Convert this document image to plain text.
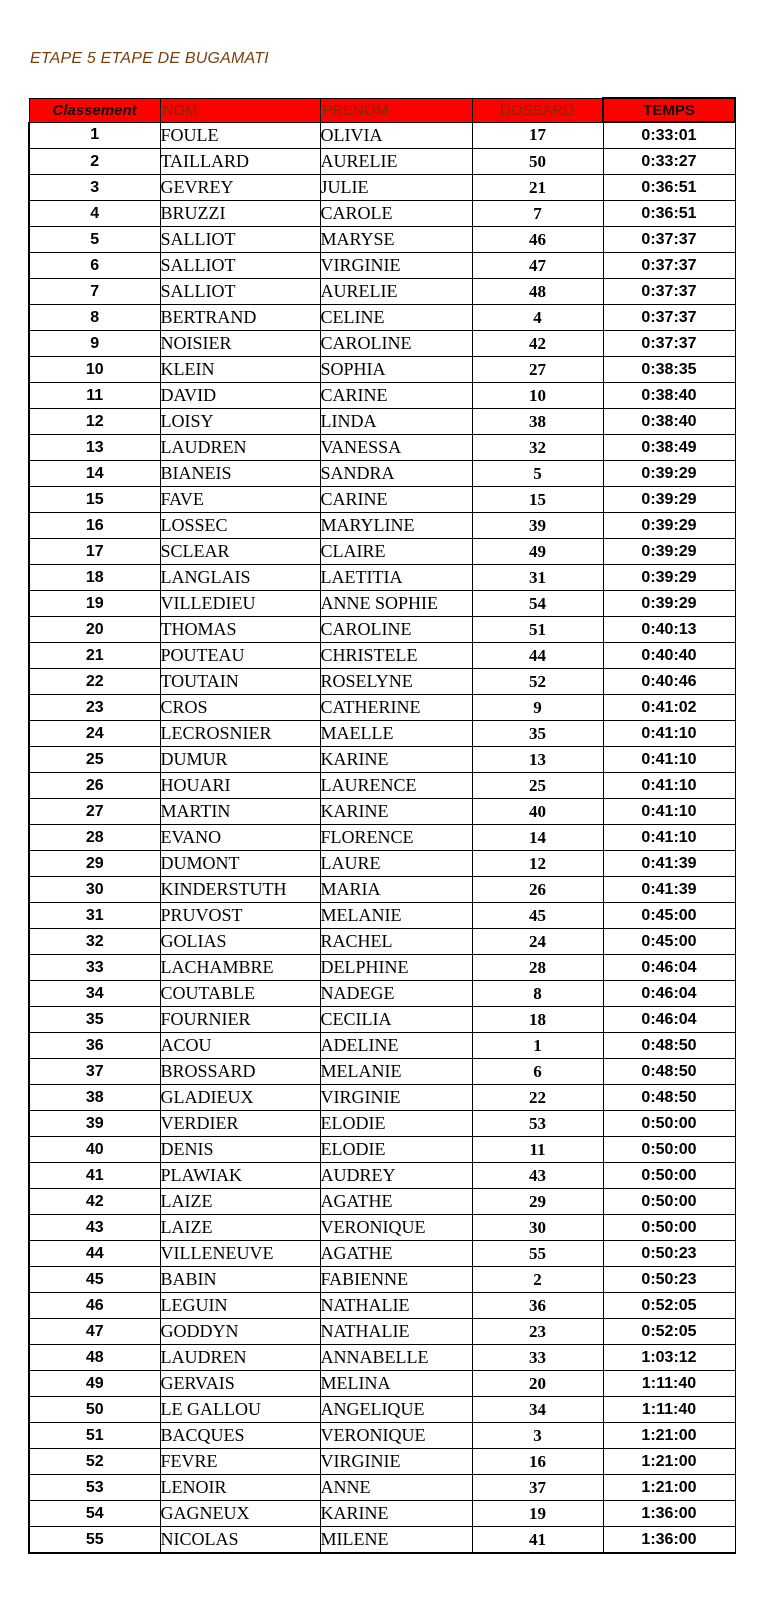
ETAPE 5 ETAPE DE BUGAMATI
Classement	NOM	PRENOM	DOSSARD	TEMPS
1	FOULE	OLIVIA	17	0:33:01
2	TAILLARD	AURELIE	50	0:33:27
3	GEVREY	JULIE	21	0:36:51
4	BRUZZI	CAROLE	7	0:36:51
5	SALLIOT	MARYSE	46	0:37:37
6	SALLIOT	VIRGINIE	47	0:37:37
7	SALLIOT	AURELIE	48	0:37:37
8	BERTRAND	CELINE	4	0:37:37
9	NOISIER	CAROLINE	42	0:37:37
10	KLEIN	SOPHIA	27	0:38:35
11	DAVID	CARINE	10	0:38:40
12	LOISY	LINDA	38	0:38:40
13	LAUDREN	VANESSA	32	0:38:49
14	BIANEIS	SANDRA	5	0:39:29
15	FAVE	CARINE	15	0:39:29
16	LOSSEC	MARYLINE	39	0:39:29
17	SCLEAR	CLAIRE	49	0:39:29
18	LANGLAIS	LAETITIA	31	0:39:29
19	VILLEDIEU	ANNE SOPHIE	54	0:39:29
20	THOMAS	CAROLINE	51	0:40:13
21	POUTEAU	CHRISTELE	44	0:40:40
22	TOUTAIN	ROSELYNE	52	0:40:46
23	CROS	CATHERINE	9	0:41:02
24	LECROSNIER	MAELLE	35	0:41:10
25	DUMUR	KARINE	13	0:41:10
26	HOUARI	LAURENCE	25	0:41:10
27	MARTIN	KARINE	40	0:41:10
28	EVANO	FLORENCE	14	0:41:10
29	DUMONT	LAURE	12	0:41:39
30	KINDERSTUTH	MARIA	26	0:41:39
31	PRUVOST	MELANIE	45	0:45:00
32	GOLIAS	RACHEL	24	0:45:00
33	LACHAMBRE	DELPHINE	28	0:46:04
34	COUTABLE	NADEGE	8	0:46:04
35	FOURNIER	CECILIA	18	0:46:04
36	ACOU	ADELINE	1	0:48:50
37	BROSSARD	MELANIE	6	0:48:50
38	GLADIEUX	VIRGINIE	22	0:48:50
39	VERDIER	ELODIE	53	0:50:00
40	DENIS	ELODIE	11	0:50:00
41	PLAWIAK	AUDREY	43	0:50:00
42	LAIZE	AGATHE	29	0:50:00
43	LAIZE	VERONIQUE	30	0:50:00
44	VILLENEUVE	AGATHE	55	0:50:23
45	BABIN	FABIENNE	2	0:50:23
46	LEGUIN	NATHALIE	36	0:52:05
47	GODDYN	NATHALIE	23	0:52:05
48	LAUDREN	ANNABELLE	33	1:03:12
49	GERVAIS	MELINA	20	1:11:40
50	LE GALLOU	ANGELIQUE	34	1:11:40
51	BACQUES	VERONIQUE	3	1:21:00
52	FEVRE	VIRGINIE	16	1:21:00
53	LENOIR	ANNE	37	1:21:00
54	GAGNEUX	KARINE	19	1:36:00
55	NICOLAS	MILENE	41	1:36:00
